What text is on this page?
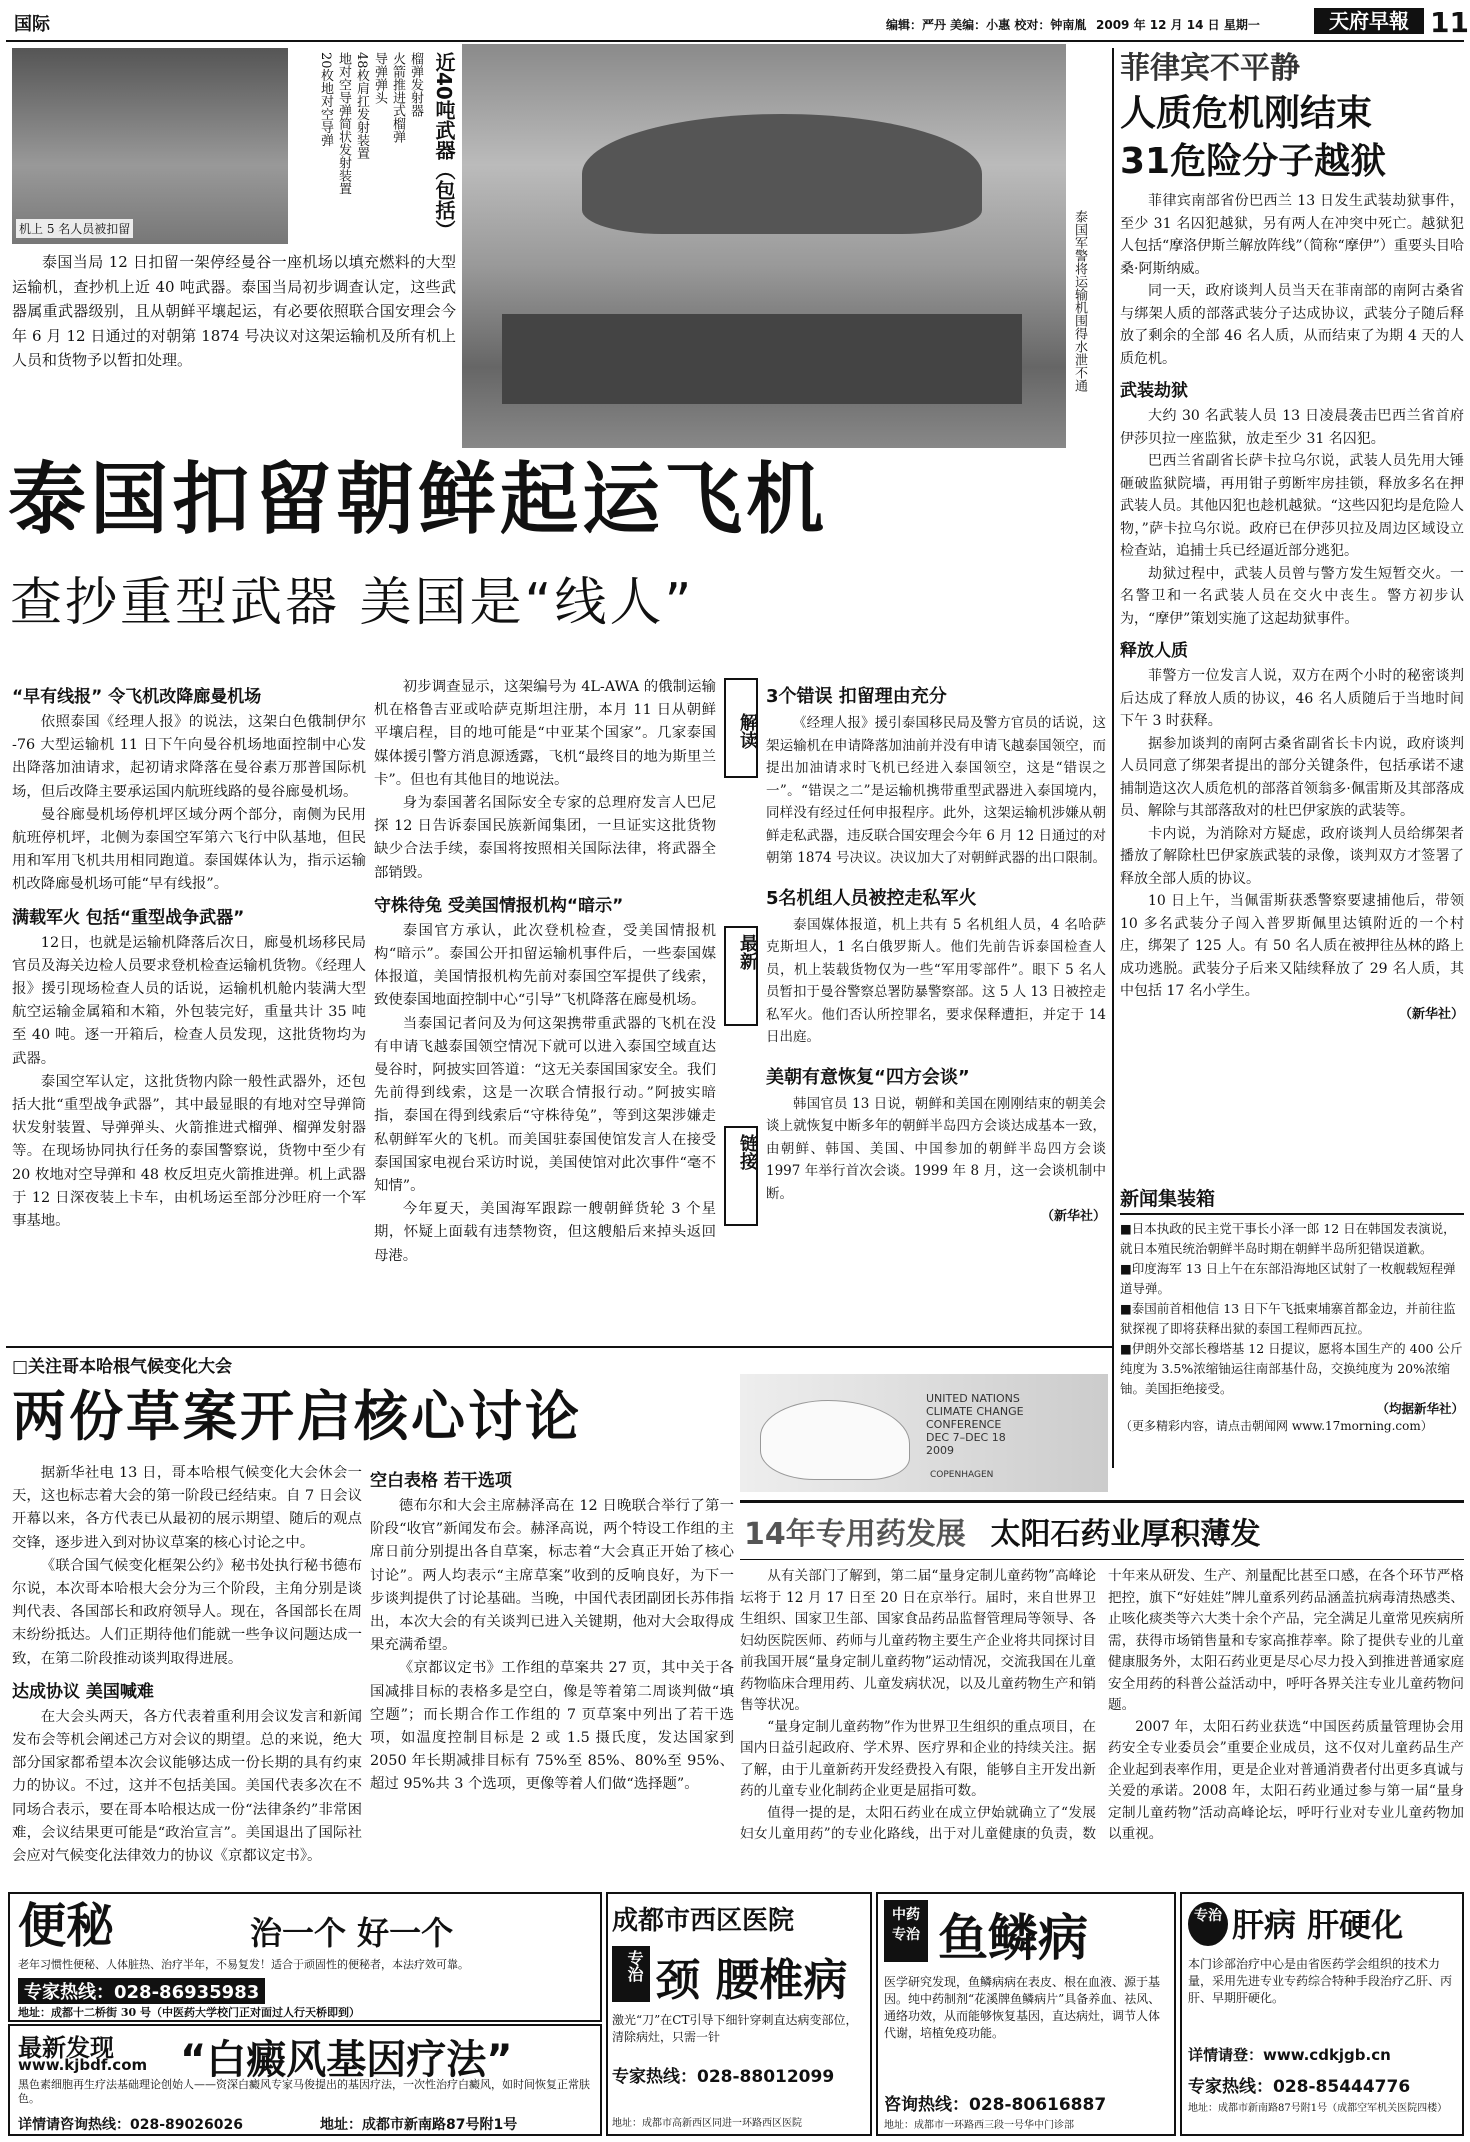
国际	编辑：严丹 美编：小惠 校对：钟南胤 2009 年 12 月 14 日 星期一	天府早報 11
机上 5 名人员被扣留	近40吨武器（包括）
榴弹发射器
火箭推进式榴弹
导弹弹头
48枚肩扛发射装置
地对空导弹简状发射装置
20枚地对空导弹
泰国军警将运输机围得水泄不通

泰国当局 12 日扣留一架停经曼谷一座机场以填充燃料的大型运输机，查抄机上近 40 吨武器。泰国当局初步调查认定，这些武器属重武器级别，且从朝鲜平壤起运，有必要依照联合国安理会今年 6 月 12 日通过的对朝第 1874 号决议对这架运输机及所有机上人员和货物予以暂扣处理。

泰国扣留朝鲜起运飞机
查抄重型武器 美国是“线人”
“早有线报” 令飞机改降廊曼机场

依照泰国《经理人报》的说法，这架白色俄制伊尔 -76 大型运输机 11 日下午向曼谷机场地面控制中心发出降落加油请求，起初请求降落在曼谷素万那普国际机场，但后改降主要承运国内航班线路的曼谷廊曼机场。

曼谷廊曼机场停机坪区域分两个部分，南侧为民用航班停机坪，北侧为泰国空军第六飞行中队基地，但民用和军用飞机共用相同跑道。泰国媒体认为，指示运输机改降廊曼机场可能“早有线报”。

满载军火 包括“重型战争武器”

12日，也就是运输机降落后次日，廊曼机场移民局官员及海关边检人员要求登机检查运输机货物。《经理人报》援引现场检查人员的话说，运输机机舱内装满大型航空运输金属箱和木箱，外包装完好，重量共计 35 吨至 40 吨。逐一开箱后，检查人员发现，这批货物均为武器。

泰国空军认定，这批货物内除一般性武器外，还包括大批“重型战争武器”，其中最显眼的有地对空导弹筒状发射装置、导弹弹头、火箭推进式榴弹、榴弹发射器等。在现场协同执行任务的泰国警察说，货物中至少有 20 枚地对空导弹和 48 枚反坦克火箭推进弹。机上武器于 12 日深夜装上卡车，由机场运至部分沙旺府一个军事基地。

初步调查显示，这架编号为 4L-AWA 的俄制运输机在格鲁吉亚或哈萨克斯坦注册，本月 11 日从朝鲜平壤启程，目的地可能是“中亚某个国家”。几家泰国媒体援引警方消息源透露，飞机“最终目的地为斯里兰卡”。但也有其他目的地说法。

身为泰国著名国际安全专家的总理府发言人巴尼探 12 日告诉泰国民族新闻集团，一旦证实这批货物缺少合法手续，泰国将按照相关国际法律，将武器全部销毁。

守株待兔 受美国情报机构“暗示”

泰国官方承认，此次登机检查，受美国情报机构“暗示”。泰国公开扣留运输机事件后，一些泰国媒体报道，美国情报机构先前对泰国空军提供了线索，致使泰国地面控制中心“引导”飞机降落在廊曼机场。

当泰国记者问及为何这架携带重武器的飞机在没有申请飞越泰国领空情况下就可以进入泰国空域直达曼谷时，阿披实回答道：“这无关泰国国家安全。我们先前得到线索，这是一次联合情报行动。”阿披实暗指，泰国在得到线索后“守株待兔”，等到这架涉嫌走私朝鲜军火的飞机。而美国驻泰国使馆发言人在接受泰国国家电视台采访时说，美国使馆对此次事件“毫不知情”。

今年夏天，美国海军跟踪一艘朝鲜货轮 3 个星期，怀疑上面载有违禁物资，但这艘船后来掉头返回母港。

解读
最新
链接
3个错误 扣留理由充分

《经理人报》援引泰国移民局及警方官员的话说，这架运输机在申请降落加油前并没有申请飞越泰国领空，而提出加油请求时飞机已经进入泰国领空，这是“错误之一”。“错误之二”是运输机携带重型武器进入泰国境内，同样没有经过任何申报程序。此外，这架运输机涉嫌从朝鲜走私武器，违反联合国安理会今年 6 月 12 日通过的对朝第 1874 号决议。决议加大了对朝鲜武器的出口限制。

5名机组人员被控走私军火

泰国媒体报道，机上共有 5 名机组人员，4 名哈萨克斯坦人，1 名白俄罗斯人。他们先前告诉泰国检查人员，机上装载货物仅为一些“军用零部件”。眼下 5 名人员暂扣于曼谷警察总署防暴警察部。这 5 人 13 日被控走私军火。他们否认所控罪名，要求保释遭拒，并定于 14 日出庭。

美朝有意恢复“四方会谈”

韩国官员 13 日说，朝鲜和美国在刚刚结束的朝美会谈上就恢复中断多年的朝鲜半岛四方会谈达成基本一致，由朝鲜、韩国、美国、中国参加的朝鲜半岛四方会谈 1997 年举行首次会谈。1999 年 8 月，这一会谈机制中断。

（新华社）
菲律宾不平静
人质危机刚结束
31危险分子越狱

菲律宾南部省份巴西兰 13 日发生武装劫狱事件，至少 31 名囚犯越狱，另有两人在冲突中死亡。越狱犯人包括“摩洛伊斯兰解放阵线”（简称“摩伊”）重要头目哈桑·阿斯纳威。

同一天，政府谈判人员当天在菲南部的南阿古桑省与绑架人质的部落武装分子达成协议，武装分子随后释放了剩余的全部 46 名人质，从而结束了为期 4 天的人质危机。

武装劫狱

大约 30 名武装人员 13 日凌晨袭击巴西兰省首府伊莎贝拉一座监狱，放走至少 31 名囚犯。

巴西兰省副省长萨卡拉乌尔说，武装人员先用大锤砸破监狱院墙，再用钳子剪断牢房挂锁，释放多名在押武装人员。其他囚犯也趁机越狱。“这些囚犯均是危险人物，”萨卡拉乌尔说。政府已在伊莎贝拉及周边区域设立检查站，追捕士兵已经逼近部分逃犯。

劫狱过程中，武装人员曾与警方发生短暂交火。一名警卫和一名武装人员在交火中丧生。警方初步认为，“摩伊”策划实施了这起劫狱事件。

释放人质

菲警方一位发言人说，双方在两个小时的秘密谈判后达成了释放人质的协议，46 名人质随后于当地时间下午 3 时获释。

据参加谈判的南阿古桑省副省长卡内说，政府谈判人员同意了绑架者提出的部分关键条件，包括承诺不逮捕制造这次人质危机的部落首领翁多·佩雷斯及其部落成员、解除与其部落敌对的杜巴伊家族的武装等。

卡内说，为消除对方疑虑，政府谈判人员给绑架者播放了解除杜巴伊家族武装的录像，谈判双方才签署了释放全部人质的协议。

10 日上午，当佩雷斯获悉警察要逮捕他后，带领 10 多名武装分子闯入普罗斯佩里达镇附近的一个村庄，绑架了 125 人。有 50 名人质在被押往丛林的路上成功逃脱。武装分子后来又陆续释放了 29 名人质，其中包括 17 名小学生。

（新华社）
新闻集装箱
■日本执政的民主党干事长小泽一郎 12 日在韩国发表演说，就日本殖民统治朝鲜半岛时期在朝鲜半岛所犯错误道歉。
■印度海军 13 日上午在东部沿海地区试射了一枚舰载短程弹道导弹。
■泰国前首相他信 13 日下午飞抵柬埔寨首都金边，并前往监狱探视了即将获释出狱的泰国工程师西瓦拉。
■伊朗外交部长穆塔基 12 日提议，愿将本国生产的 400 公斤纯度为 3.5%浓缩铀运往南部基什岛，交换纯度为 20%浓缩铀。美国拒绝接受。
（均据新华社）
（更多精彩内容，请点击朝闻网 www.17morning.com）
□关注哥本哈根气候变化大会
两份草案开启核心讨论	UNITED NATIONS
CLIMATE CHANGE
CONFERENCE
DEC 7–DEC 18
2009
COPENHAGEN

据新华社电 13 日，哥本哈根气候变化大会休会一天，这也标志着大会的第一阶段已经结束。自 7 日会议开幕以来，各方代表已从最初的展示期望、随后的观点交锋，逐步进入到对协议草案的核心讨论之中。

《联合国气候变化框架公约》秘书处执行秘书德布尔说，本次哥本哈根大会分为三个阶段，主角分别是谈判代表、各国部长和政府领导人。现在，各国部长在周末纷纷抵达。人们正期待他们能就一些争议问题达成一致，在第二阶段推动谈判取得进展。

达成协议 美国喊难

在大会头两天，各方代表着重利用会议发言和新闻发布会等机会阐述己方对会议的期望。总的来说，绝大部分国家都希望本次会议能够达成一份长期的具有约束力的协议。不过，这并不包括美国。美国代表多次在不同场合表示，要在哥本哈根达成一份“法律条约”非常困难，会议结果更可能是“政治宣言”。美国退出了国际社会应对气候变化法律效力的协议《京都议定书》。

空白表格 若干选项

德布尔和大会主席赫泽高在 12 日晚联合举行了第一阶段“收官”新闻发布会。赫泽高说，两个特设工作组的主席日前分别提出各自草案，标志着“大会真正开始了核心讨论”。两人均表示“主席草案”收到的反响良好，为下一步谈判提供了讨论基础。当晚，中国代表团副团长苏伟指出，本次大会的有关谈判已进入关键期，他对大会取得成果充满希望。

《京都议定书》工作组的草案共 27 页，其中关于各国减排目标的表格多是空白，像是等着第二周谈判做“填空题”；而长期合作工作组的 7 页草案中列出了若干选项，如温度控制目标是 2 或 1.5 摄氏度，发达国家到 2050 年长期减排目标有 75%至 85%、80%至 95%、超过 95%共 3 个选项，更像等着人们做“选择题”。

14年专用药发展 太阳石药业厚积薄发

从有关部门了解到，第二届“量身定制儿童药物”高峰论坛将于 12 月 17 日至 20 日在京举行。届时，来自世界卫生组织、国家卫生部、国家食品药品监督管理局等领导、各妇幼医院医师、药师与儿童药物主要生产企业将共同探讨目前我国开展“量身定制儿童药物”运动情况，交流我国在儿童药物临床合理用药、儿童发病状况，以及儿童药物生产和销售等状况。

“量身定制儿童药物”作为世界卫生组织的重点项目，在国内日益引起政府、学术界、医疗界和企业的持续关注。据了解，由于儿童新药开发经费投入有限，能够自主开发出新药的儿童专业化制药企业更是屈指可数。

值得一提的是，太阳石药业在成立伊始就确立了“发展妇女儿童用药”的专业化路线，出于对儿童健康的负责，数十年来从研发、生产、剂量配比甚至口感，在各个环节严格把控，旗下“好娃娃”牌儿童系列药品涵盖抗病毒清热感类、止咳化痰类等六大类十余个产品，完全满足儿童常见疾病所需，获得市场销售量和专家高推荐率。除了提供专业的儿童健康服务外，太阳石药业更是尽心尽力投入到推进普通家庭安全用药的科普公益活动中，呼吁各界关注专业儿童药物问题。

2007 年，太阳石药业获选“中国医药质量管理协会用药安全专业委员会”重要企业成员，这不仅对儿童药品生产企业起到表率作用，更是企业对普通消费者付出更多真诚与关爱的承诺。2008 年，太阳石药业通过参与第一届“量身定制儿童药物”活动高峰论坛，呼吁行业对专业儿童药物加以重视。

便秘	治一个 好一个
老年习惯性便秘、人体脏热、治疗半年，不易复发！适合于顽固性的便秘者，本法疗效可靠。
专家热线：028-86935983
地址：成都十二桥街 30 号（中医药大学校门正对面过人行天桥即到）
最新发现
www.kjbdf.com “白癜风基因疗法”
黑色素细胞再生疗法基础理论创始人——资深白癜风专家马俊提出的基因疗法，一次性治疗白癜风，如时间恢复正常肤色。
详情请咨询热线：028-89026026	地址：成都市新南路87号附1号
成都市西区医院
专治 颈 腰椎病
激光“刀”在CT引导下细针穿刺直达病变部位，清除病灶，只需一针
专家热线：028-88012099
地址：成都市高新西区同进一环路西区医院
中药专治 鱼鳞病
医学研究发现，鱼鳞病病在表皮、根在血液、源于基因。纯中药制剂“花溪牌鱼鳞病片”具备养血、祛风、通络功效，从而能够恢复基因，直达病灶，调节人体代谢，培植免疫功能。
咨询热线：028-80616887
地址：成都市一环路西三段一号华中门诊部
专治 肝病 肝硬化
本门诊部治疗中心是由省医药学会组织的技术力量，采用先进专业专药综合特种手段治疗乙肝、丙肝、早期肝硬化。
详情请登：www.cdkjgb.cn
专家热线：028-85444776
地址：成都市新南路87号附1号（成都空军机关医院四楼）
